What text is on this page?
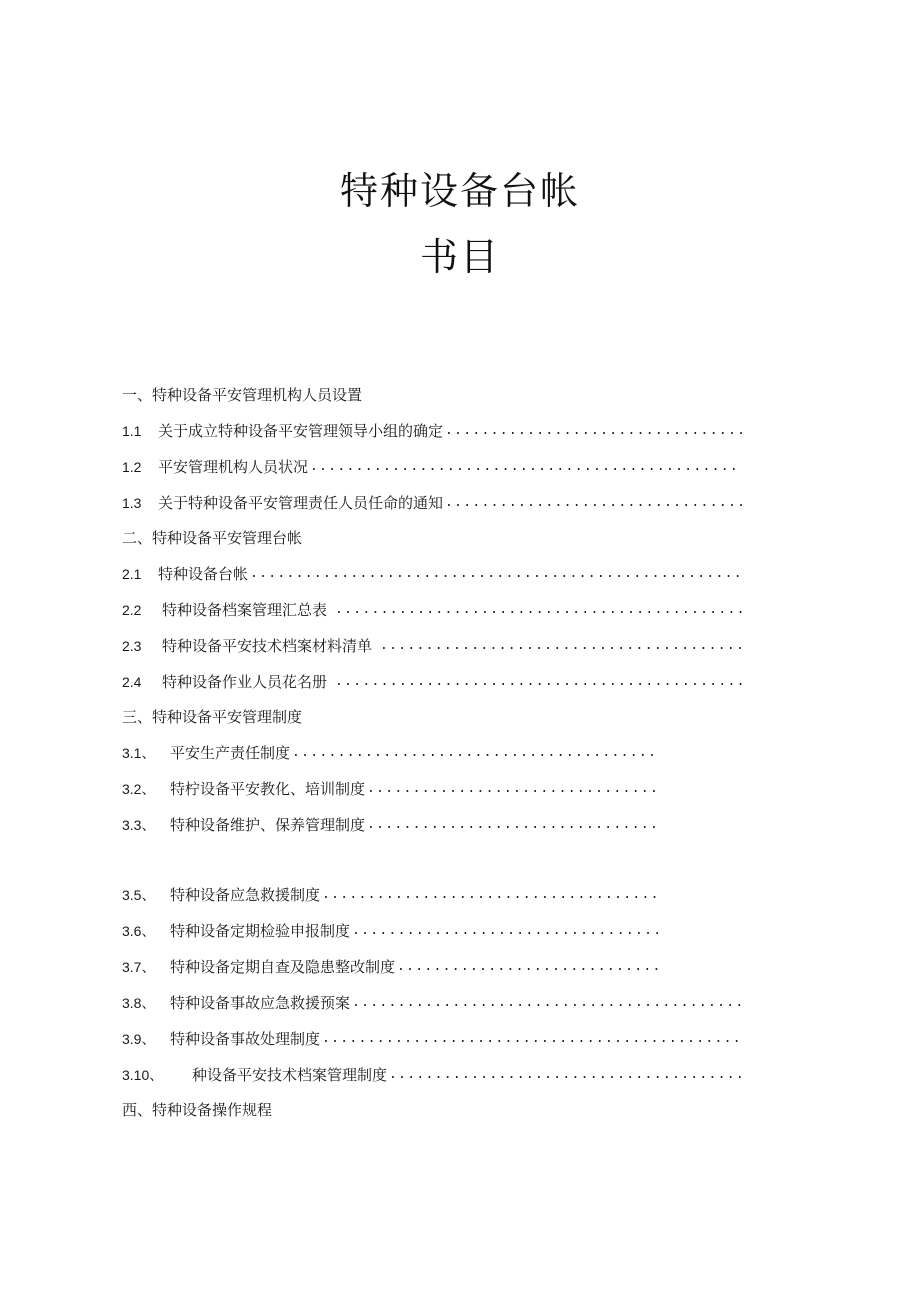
特种设备台帐
书目
一、特种设备平安管理机构人员设置
1.1	关于成立特种设备平安管理领导小组的确定
.....
1.2	平安管理机构人员状况
.....
1.3	关于特种设备平安管理责任人员任命的通知
.....
二、特种设备平安管理台帐
2.1	特种设备台帐
.....
2.2	特种设备档案管理汇总表
.....
2.3	特种设备平安技术档案材料清单
.....
2.4	特种设备作业人员花名册
.....
三、特种设备平安管理制度
3.1、 平安生产责任制度
.....
3.2、 特柠设备平安教化、培训制度
.....
3.3、 特种设备维护、保养管理制度
.....
3.5、 特种设备应急救援制度
.....
3.6、 特种设备定期检验申报制度
.....
3.7、 特种设备定期自查及隐患整改制度
.....
3.8、 特种设备事故应急救援预案
.....
3.9、 特种设备事故处理制度
.....
3.10、	种设备平安技术档案管理制度
.....
西、特种设备操作规程
